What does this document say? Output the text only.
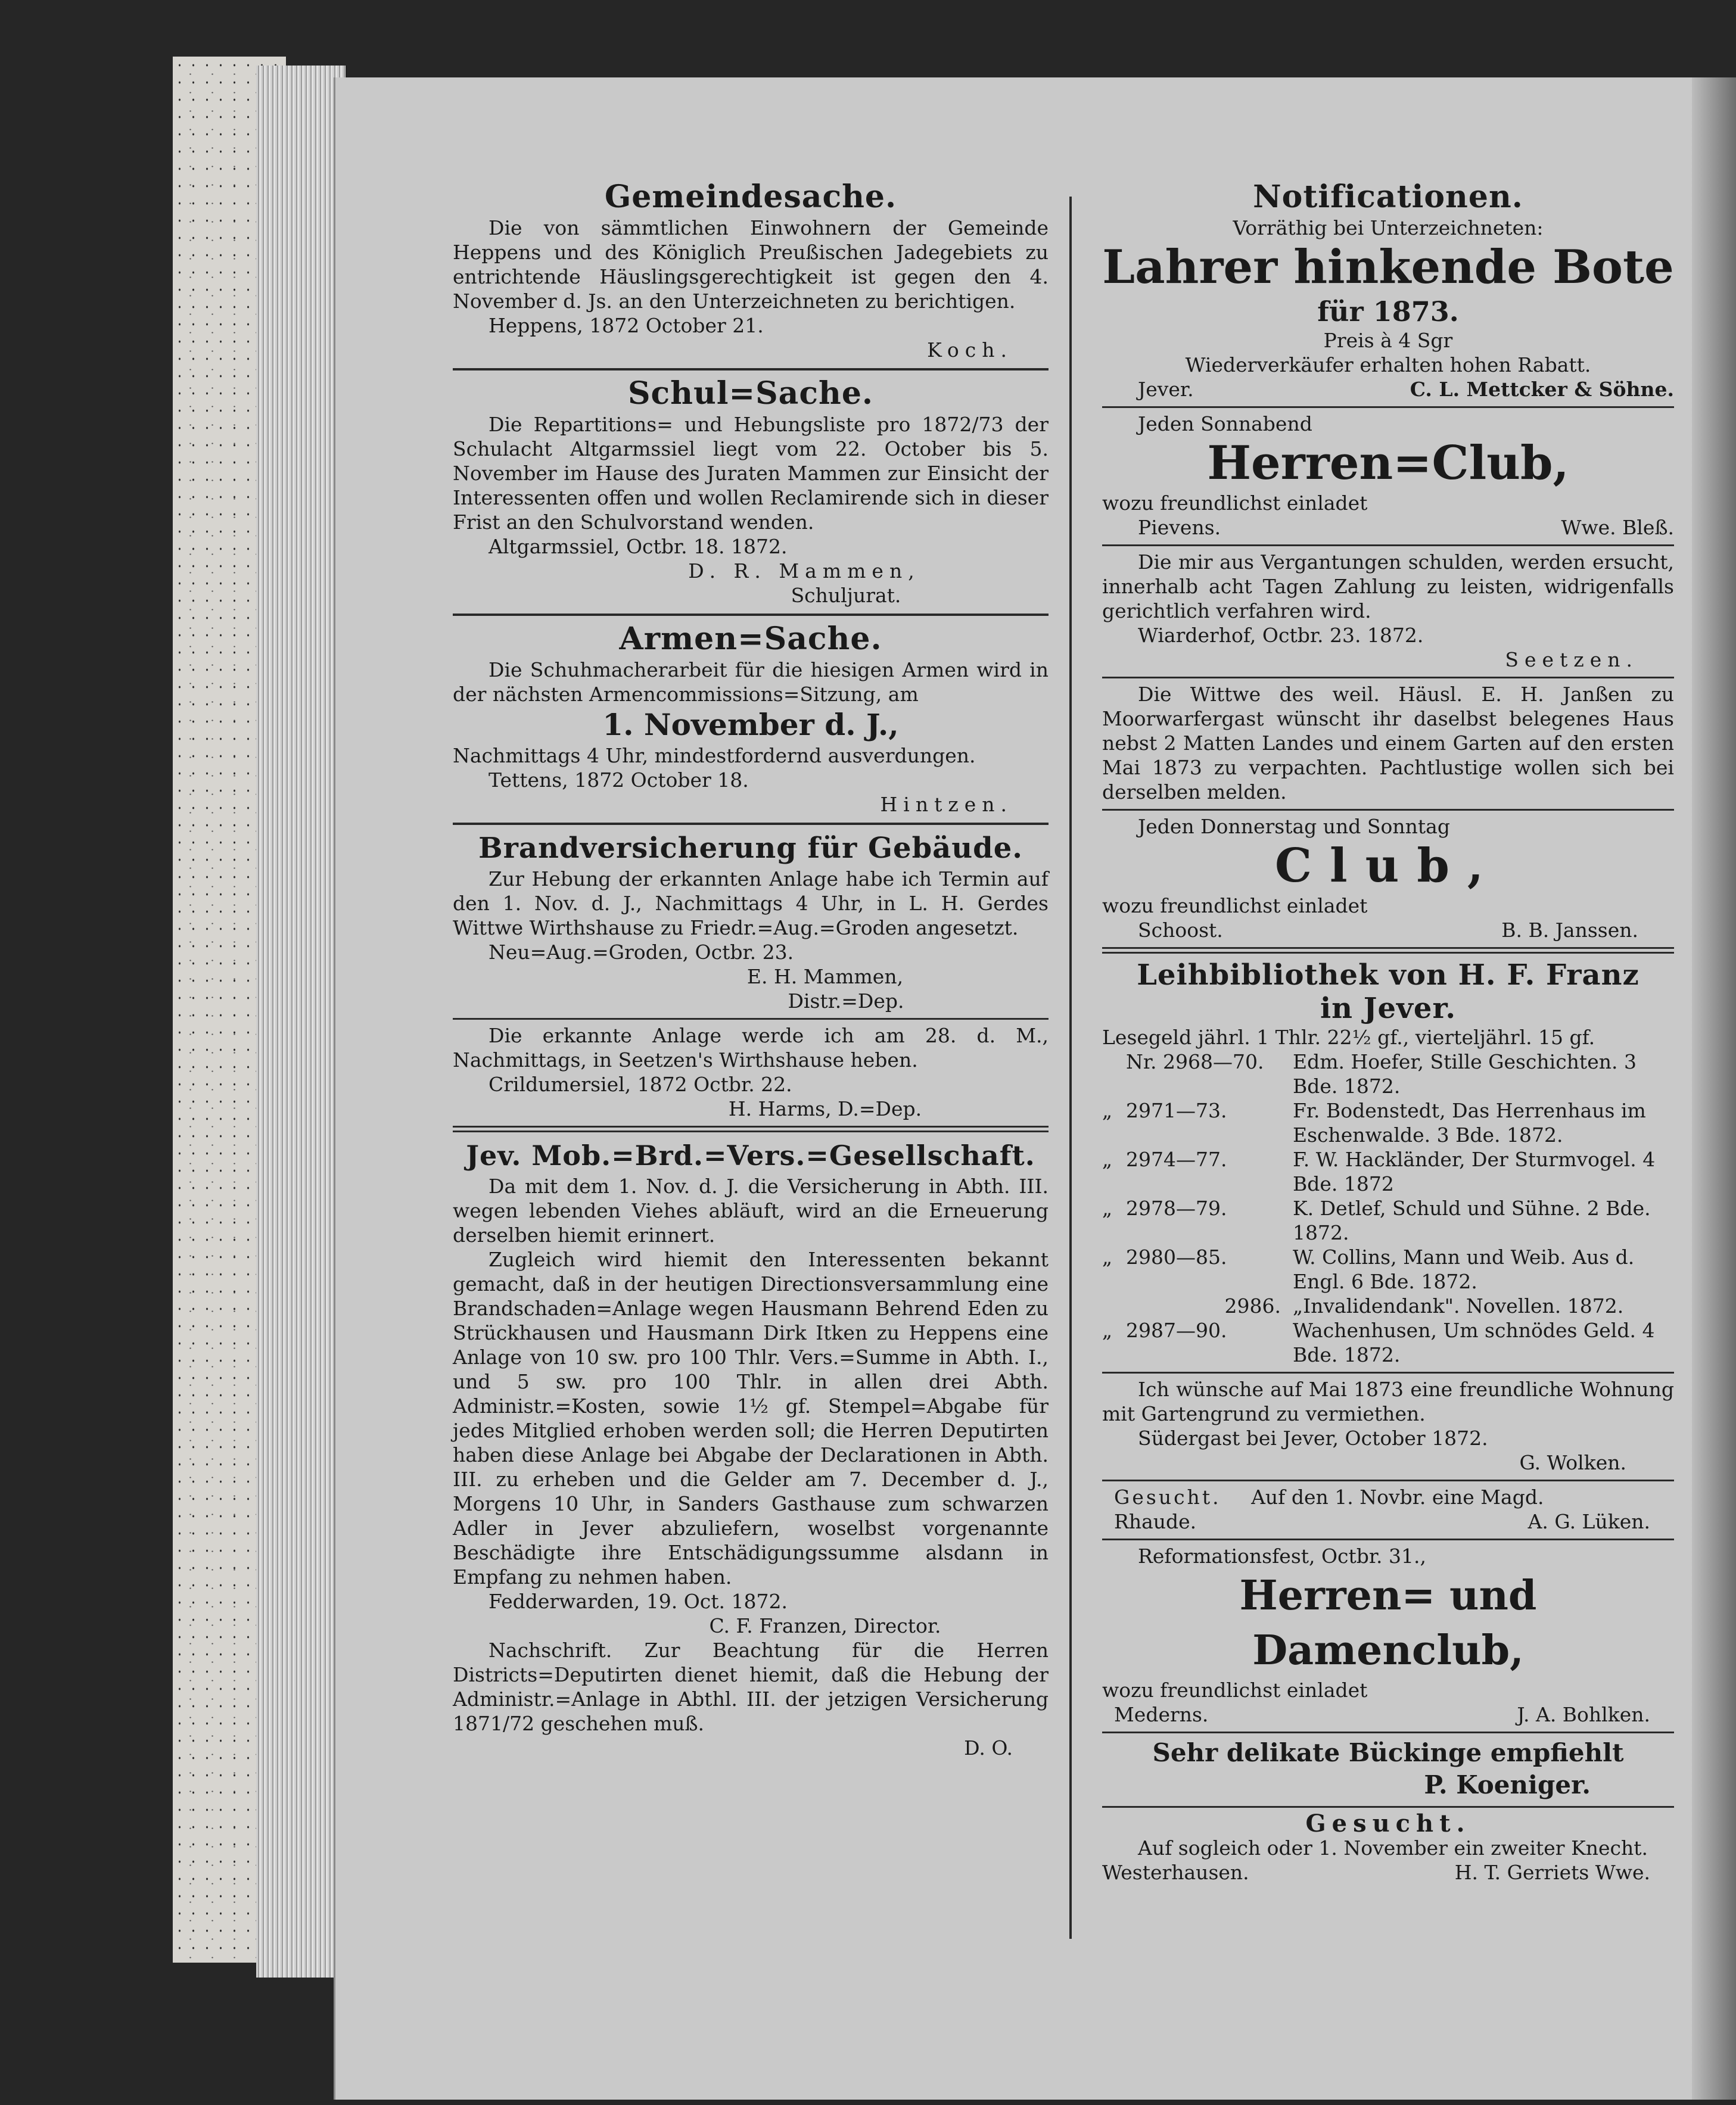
Gemeindesache.
Die von sämmtlichen Einwohnern der Gemeinde Heppens und des Königlich Preußischen Jadegebiets zu entrichtende Häuslingsgerechtigkeit ist gegen den 4. November d. Js. an den Unterzeichneten zu berichtigen.
Heppens, 1872 October 21.
Koch.
Schul=Sache.
Die Repartitions= und Hebungsliste pro 1872/73 der Schulacht Altgarmssiel liegt vom 22. October bis 5. November im Hause des Juraten Mammen zur Einsicht der Interessenten offen und wollen Reclamirende sich in dieser Frist an den Schulvorstand wenden.
Altgarmssiel, Octbr. 18. 1872.
D. R. Mammen,
Schuljurat.
Armen=Sache.
Die Schuhmacherarbeit für die hiesigen Armen wird in der nächsten Armencommissions=Sitzung, am
1. November d. J.,
Nachmittags 4 Uhr, mindestfordernd ausverdungen.
Tettens, 1872 October 18.
Hintzen.
Brandversicherung für Gebäude.
Zur Hebung der erkannten Anlage habe ich Termin auf den 1. Nov. d. J., Nachmittags 4 Uhr, in L. H. Gerdes Wittwe Wirthshause zu Friedr.=Aug.=Groden angesetzt.
Neu=Aug.=Groden, Octbr. 23.
E. H. Mammen,
Distr.=Dep.
Die erkannte Anlage werde ich am 28. d. M., Nachmittags, in Seetzen's Wirthshause heben.
Crildumersiel, 1872 Octbr. 22.
H. Harms, D.=Dep.
Jev. Mob.=Brd.=Vers.=Gesellschaft.
Da mit dem 1. Nov. d. J. die Versicherung in Abth. III. wegen lebenden Viehes abläuft, wird an die Erneuerung derselben hiemit erinnert.
Zugleich wird hiemit den Interessenten bekannt gemacht, daß in der heutigen Directionsversammlung eine Brandschaden=Anlage wegen Hausmann Behrend Eden zu Strückhausen und Hausmann Dirk Itken zu Heppens eine Anlage von 10 sw. pro 100 Thlr. Vers.=Summe in Abth. I., und 5 sw. pro 100 Thlr. in allen drei Abth. Administr.=Kosten, sowie 1½ gf. Stempel=Abgabe für jedes Mitglied erhoben werden soll; die Herren Deputirten haben diese Anlage bei Abgabe der Declarationen in Abth. III. zu erheben und die Gelder am 7. December d. J., Morgens 10 Uhr, in Sanders Gasthause zum schwarzen Adler in Jever abzuliefern, woselbst vorgenannte Beschädigte ihre Entschädigungssumme alsdann in Empfang zu nehmen haben.
Fedderwarden, 19. Oct. 1872.
C. F. Franzen, Director.
Nachschrift. Zur Beachtung für die Herren Districts=Deputirten dienet hiemit, daß die Hebung der Administr.=Anlage in Abthl. III. der jetzigen Versicherung 1871/72 geschehen muß.
D. O.
Notificationen.
Vorräthig bei Unterzeichneten:
Lahrer hinkende Bote
für 1873.
Preis à 4 Sgr
Wiederverkäufer erhalten hohen Rabatt.
Jever.	C. L. Mettcker & Söhne.
Jeden Sonnabend
Herren=Club,
wozu freundlichst einladet
Pievens.	Wwe. Bleß.
Die mir aus Vergantungen schulden, werden ersucht, innerhalb acht Tagen Zahlung zu leisten, widrigenfalls gerichtlich verfahren wird.
Wiarderhof, Octbr. 23. 1872.
Seetzen.
Die Wittwe des weil. Häusl. E. H. Janßen zu Moorwarfergast wünscht ihr daselbst belegenes Haus nebst 2 Matten Landes und einem Garten auf den ersten Mai 1873 zu verpachten. Pachtlustige wollen sich bei derselben melden.
Jeden Donnerstag und Sonntag
Club,
wozu freundlichst einladet
Schoost.	B. B. Janssen.
Leihbibliothek von H. F. Franz
in Jever.
Lesegeld jährl. 1 Thlr. 22½ gf., vierteljährl. 15 gf.
Nr. 2968—70.	Edm. Hoefer, Stille Geschichten. 3 Bde. 1872.
„ 2971—73.	Fr. Bodenstedt, Das Herrenhaus im Eschenwalde. 3 Bde. 1872.
„ 2974—77.	F. W. Hackländer, Der Sturmvogel. 4 Bde. 1872
„ 2978—79.	K. Detlef, Schuld und Sühne. 2 Bde. 1872.
„ 2980—85.	W. Collins, Mann und Weib. Aus d. Engl. 6 Bde. 1872.
2986. „Invalidendank". Novellen. 1872.
„ 2987—90.	Wachenhusen, Um schnödes Geld. 4 Bde. 1872.
Ich wünsche auf Mai 1873 eine freundliche Wohnung mit Gartengrund zu vermiethen.
Südergast bei Jever, October 1872.
G. Wolken.
Gesucht. Auf den 1. Novbr. eine Magd.
Rhaude.	A. G. Lüken.
Reformationsfest, Octbr. 31.,
Herren= und Damenclub,
wozu freundlichst einladet
Mederns.	J. A. Bohlken.
Sehr delikate Bückinge empfiehlt
P. Koeniger.
Gesucht.
Auf sogleich oder 1. November ein zweiter Knecht.
Westerhausen.	H. T. Gerriets Wwe.
